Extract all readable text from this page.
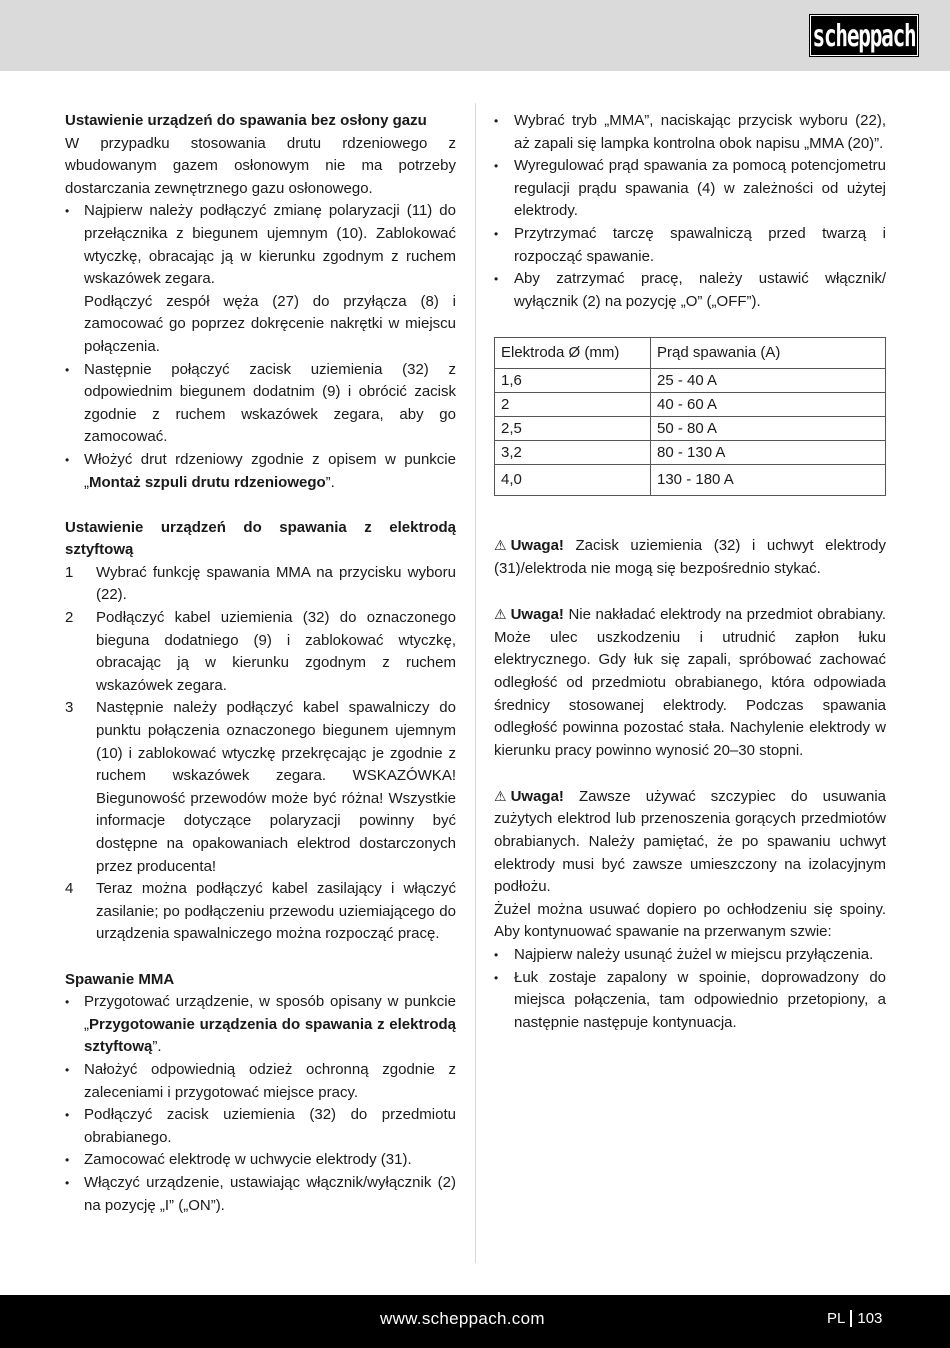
scheppach

Ustawienie urządzeń do spawania bez osłony gazu

W przypadku stosowania drutu rdzeniowego z wbudowanym gazem osłonowym nie ma potrzeby dostarczania zewnętrznego gazu osłonowego.

• Najpierw należy podłączyć zmianę polaryzacji (11) do przełącznika z biegunem ujemnym (10). Zablokować wtyczkę, obracając ją w kierunku zgodnym z ruchem wskazówek zegara.

Podłączyć zespół węża (27) do przyłącza (8) i zamocować go poprzez dokręcenie nakrętki w miejscu połączenia.

• Następnie połączyć zacisk uziemienia (32) z odpowiednim biegunem dodatnim (9) i obrócić zacisk zgodnie z ruchem wskazówek zegara, aby go zamocować.
• Włożyć drut rdzeniowy zgodnie z opisem w punkcie „Montaż szpuli drutu rdzeniowego”.

Ustawienie urządzeń do spawania z elektrodą sztyftową

1 Wybrać funkcję spawania MMA na przycisku wyboru (22).
2 Podłączyć kabel uziemienia (32) do oznaczonego bieguna dodatniego (9) i zablokować wtyczkę, obracając ją w kierunku zgodnym z ruchem wskazówek zegara.
3 Następnie należy podłączyć kabel spawalniczy do punktu połączenia oznaczonego biegunem ujemnym (10) i zablokować wtyczkę przekręcając je zgodnie z ruchem wskazówek zegara. WSKAZÓWKA! Biegunowość przewodów może być różna! Wszystkie informacje dotyczące polaryzacji powinny być dostępne na opakowaniach elektrod dostarczonych przez producenta!
4 Teraz można podłączyć kabel zasilający i włączyć zasilanie; po podłączeniu przewodu uziemiającego do urządzenia spawalniczego można rozpocząć pracę.

Spawanie MMA

• Przygotować urządzenie, w sposób opisany w punkcie „Przygotowanie urządzenia do spawania z elektrodą sztyftową”.
• Nałożyć odpowiednią odzież ochronną zgodnie z zaleceniami i przygotować miejsce pracy.
• Podłączyć zacisk uziemienia (32) do przedmiotu obrabianego.
• Zamocować elektrodę w uchwycie elektrody (31).
• Włączyć urządzenie, ustawiając włącznik/wyłącznik (2) na pozycję „I” („ON”).
• Wybrać tryb „MMA”, naciskając przycisk wyboru (22), aż zapali się lampka kontrolna obok napisu „MMA (20)”.
• Wyregulować prąd spawania za pomocą potencjometru regulacji prądu spawania (4) w zależności od użytej elektrody.
• Przytrzymać tarczę spawalniczą przed twarzą i rozpocząć spawanie.
• Aby zatrzymać pracę, należy ustawić włącznik/ wyłącznik (2) na pozycję „O” („OFF”).
Elektroda Ø (mm)	Prąd spawania (A)
1,6	25 - 40 A
2	40 - 60 A
2,5	50 - 80 A
3,2	80 - 130 A
4,0	130 - 180 A

⚠ Uwaga! Zacisk uziemienia (32) i uchwyt elektrody (31)/elektroda nie mogą się bezpośrednio stykać.

⚠ Uwaga! Nie nakładać elektrody na przedmiot obrabiany. Może ulec uszkodzeniu i utrudnić zapłon łuku elektrycznego. Gdy łuk się zapali, spróbować zachować odległość od przedmiotu obrabianego, która odpowiada średnicy stosowanej elektrody. Podczas spawania odległość powinna pozostać stała. Nachylenie elektrody w kierunku pracy powinno wynosić 20–30 stopni.

⚠ Uwaga! Zawsze używać szczypiec do usuwania zużytych elektrod lub przenoszenia gorących przedmiotów obrabianych. Należy pamiętać, że po spawaniu uchwyt elektrody musi być zawsze umieszczony na izolacyjnym podłożu.

Żużel można usuwać dopiero po ochłodzeniu się spoiny. Aby kontynuować spawanie na przerwanym szwie:

• Najpierw należy usunąć żużel w miejscu przyłączenia.
• Łuk zostaje zapalony w spoinie, doprowadzony do miejsca połączenia, tam odpowiednio przetopiony, a następnie następuje kontynuacja.
www.scheppach.com	PL 103
